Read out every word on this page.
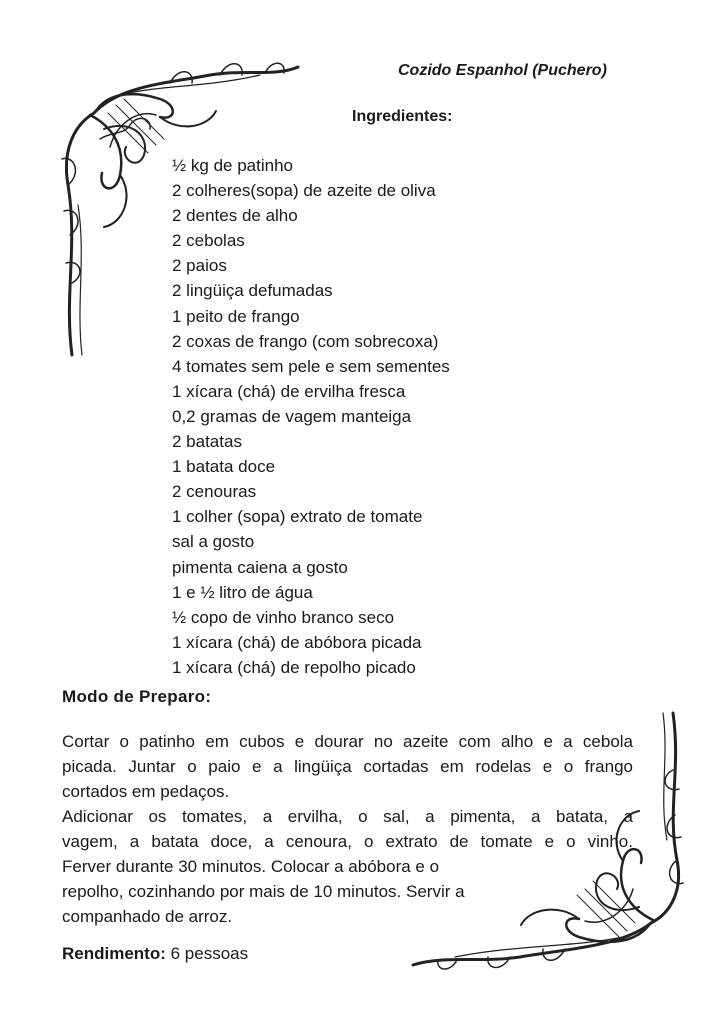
Cozido Espanhol (Puchero)
Ingredientes:
½ kg de patinho
2 colheres(sopa) de azeite de oliva
2 dentes de alho
2 cebolas
2 paios
2 lingüiça defumadas
1 peito de frango
2 coxas de frango (com sobrecoxa)
4 tomates sem pele e sem sementes
1 xícara (chá) de ervilha fresca
0,2 gramas de vagem manteiga
2 batatas
1 batata doce
2 cenouras
1 colher (sopa) extrato de tomate
sal a gosto
pimenta caiena a gosto
1 e ½ litro de água
½ copo de vinho branco seco
1 xícara (chá) de abóbora picada
1 xícara (chá) de repolho picado
Modo de Preparo:
Cortar o patinho em cubos e dourar no azeite com alho e a cebola
picada. Juntar o paio e a lingüiça cortadas em rodelas e o frango
cortados em pedaços.
Adicionar os tomates, a ervilha, o sal, a pimenta, a batata, a
vagem, a batata doce, a cenoura, o extrato de tomate e o vinho.
Ferver durante 30 minutos. Colocar a abóbora e o
repolho, cozinhando por mais de 10 minutos. Servir a
companhado de arroz.
Rendimento: 6 pessoas
